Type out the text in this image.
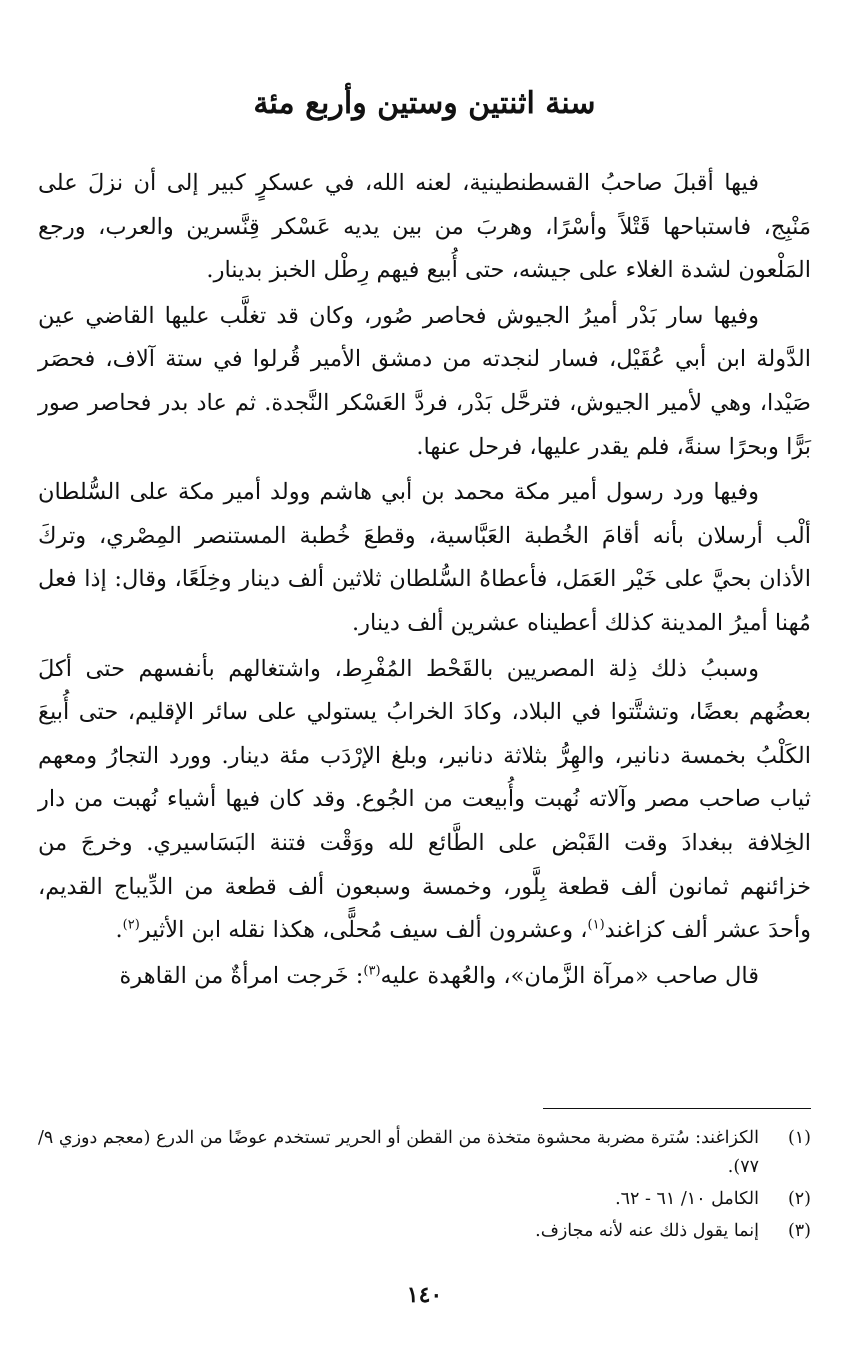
سنة اثنتين وستين وأربع مئة

فيها أقبلَ صاحبُ القسطنطينية، لعنه الله، في عسكرٍ كبير إلى أن نزلَ على مَنْبِج، فاستباحها قَتْلاً وأسْرًا، وهربَ من بين يديه عَسْكر قِنَّسرين والعرب، ورجع المَلْعون لشدة الغلاء على جيشه، حتى أُبيع فيهم رِطْل الخبز بدينار.

وفيها سار بَدْر أميرُ الجيوش فحاصر صُور، وكان قد تغلَّب عليها القاضي عين الدَّولة ابن أبي عُقَيْل، فسار لنجدته من دمشق الأمير قُرلوا في ستة آلاف، فحصَر صَيْدا، وهي لأمير الجيوش، فترحَّل بَدْر، فردَّ العَسْكر النَّجدة. ثم عاد بدر فحاصر صور بَرًّا وبحرًا سنةً، فلم يقدر عليها، فرحل عنها.

وفيها ورد رسول أمير مكة محمد بن أبي هاشم وولد أمير مكة على السُّلطان ألْب أرسلان بأنه أقامَ الخُطبة العَبَّاسية، وقطعَ خُطبة المستنصر المِصْري، وتركَ الأذان بحيَّ على خَيْر العَمَل، فأعطاهُ السُّلطان ثلاثين ألف دينار وخِلَعًا، وقال: إذا فعل مُهنا أميرُ المدينة كذلك أعطيناه عشرين ألف دينار.

وسببُ ذلك ذِلة المصريين بالقَحْط المُفْرِط، واشتغالهم بأنفسهم حتى أكلَ بعضُهم بعضًا، وتشتَّتوا في البلاد، وكادَ الخرابُ يستولي على سائر الإقليم، حتى أُبيعَ الكَلْبُ بخمسة دنانير، والهِرُّ بثلاثة دنانير، وبلغ الإرْدَب مئة دينار. وورد التجارُ ومعهم ثياب صاحب مصر وآلاته نُهبت وأُبيعت من الجُوع. وقد كان فيها أشياء نُهبت من دار الخِلافة ببغدادَ وقت القَبْض على الطَّائع لله ووَقْت فتنة البَسَاسيري. وخرجَ من خزائنهم ثمانون ألف قطعة بِلَّور، وخمسة وسبعون ألف قطعة من الدِّيباج القديم، وأحدَ عشر ألف كزاغند$^{(١)}$، وعشرون ألف سيف مُحلًّى، هكذا نقله ابن الأثير$^{(٢)}$.

قال صاحب «مرآة الزَّمان»، والعُهدة عليه$^{(٣)}$: خَرجت امرأةٌ من القاهرة

(١)
الكزاغند: سُترة مضربة محشوة متخذة من القطن أو الحرير تستخدم عوضًا من الدرع (معجم دوزي ٩/ ٧٧).
(٢)
الكامل ١٠/ ٦١ - ٦٢.
(٣)
إنما يقول ذلك عنه لأنه مجازف.
١٤٠
